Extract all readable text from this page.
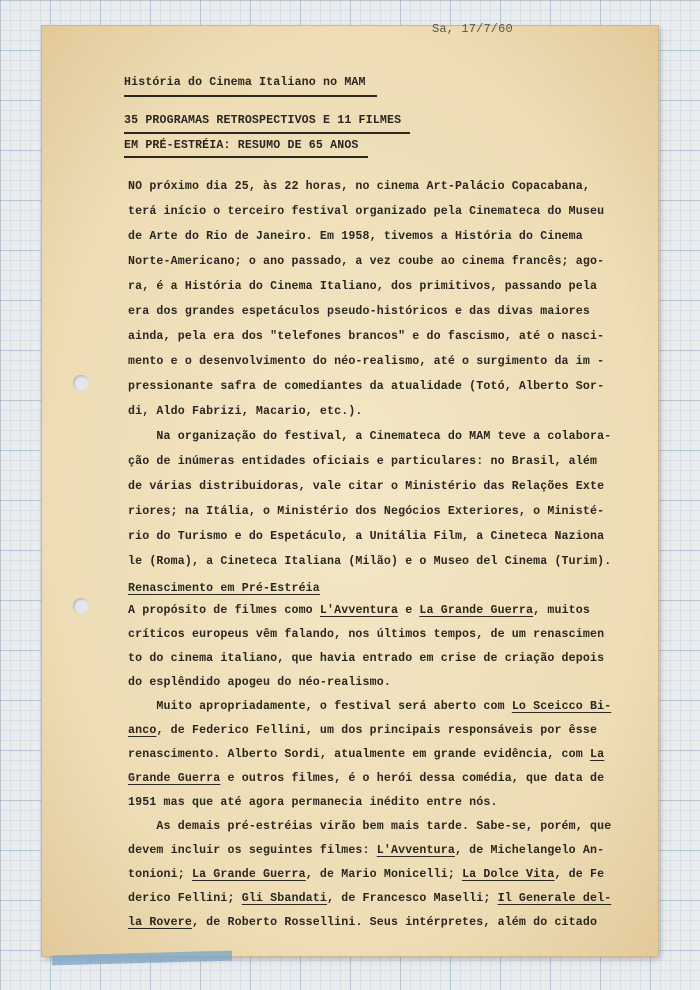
Sa, 17/7/60
História do Cinema Italiano no MAM
35 PROGRAMAS RETROSPECTIVOS E 11 FILMES
EM PRÉ-ESTRÉIA: RESUMO DE 65 ANOS
NO próximo dia 25, às 22 horas, no cinema Art-Palácio Copacabana,
terá início o terceiro festival organizado pela Cinemateca do Museu
de Arte do Rio de Janeiro. Em 1958, tivemos a História do Cinema
Norte-Americano; o ano passado, a vez coube ao cinema francês; ago-
ra, é a História do Cinema Italiano, dos primitivos, passando pela
era dos grandes espetáculos pseudo-históricos e das divas maiores
ainda, pela era dos "telefones brancos" e do fascismo, até o nasci-
mento e o desenvolvimento do néo-realismo, até o surgimento da im -
pressionante safra de comediantes da atualidade (Totó, Alberto Sor-
di, Aldo Fabrizi, Macario, etc.).
Na organização do festival, a Cinemateca do MAM teve a colabora-
ção de inúmeras entidades oficiais e particulares: no Brasil, além
de várias distribuidoras, vale citar o Ministério das Relações Exte
riores; na Itália, o Ministério dos Negócios Exteriores, o Ministé-
rio do Turismo e do Espetáculo, a Unitália Film, a Cineteca Naziona
le (Roma), a Cineteca Italiana (Milão) e o Museo del Cinema (Turim).
Renascimento em Pré-Estréia
A propósito de filmes como L'Avventura e La Grande Guerra, muitos
críticos europeus vêm falando, nos últimos tempos, de um renascimen
to do cinema italiano, que havia entrado em crise de criação depois
do esplêndido apogeu do néo-realismo.
Muito apropriadamente, o festival será aberto com Lo Sceicco Bi-
anco, de Federico Fellini, um dos principais responsáveis por êsse
renascimento. Alberto Sordi, atualmente em grande evidência, com La
Grande Guerra e outros filmes, é o herói dessa comédia, que data de
1951 mas que até agora permanecia inédito entre nós.
As demais pré-estréias virão bem mais tarde. Sabe-se, porém, que
devem incluir os seguintes filmes: L'Avventura, de Michelangelo An-
tonioni; La Grande Guerra, de Mario Monicelli; La Dolce Vita, de Fe
derico Fellini; Gli Sbandati, de Francesco Maselli; Il Generale del-
la Rovere, de Roberto Rossellini. Seus intérpretes, além do citado
